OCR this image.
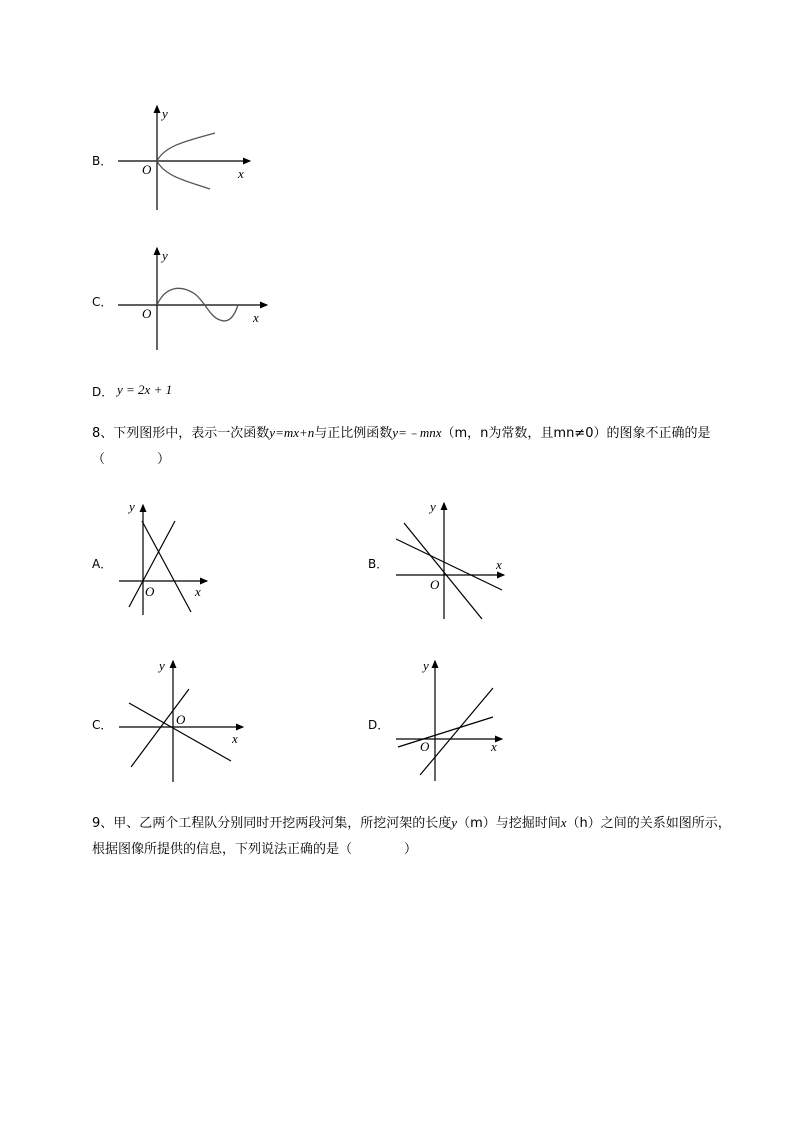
B．
y
x
O
C．
y
x
O
D． y = 2x + 1
8、下列图形中，表示一次函数y=mx+n与正比例函数y=﹣mnx（m，n为常数，且mn≠0）的图象不正确的是（　　　　）
A．
y
x
O
B．
y
x
O
C．
y
x
O	D．
y
x
O
9、甲、乙两个工程队分别同时开挖两段河集，所挖河架的长度y（m）与挖掘时间x（h）之间的关系如图所示，根据图像所提供的信息，下列说法正确的是（　　　　）
